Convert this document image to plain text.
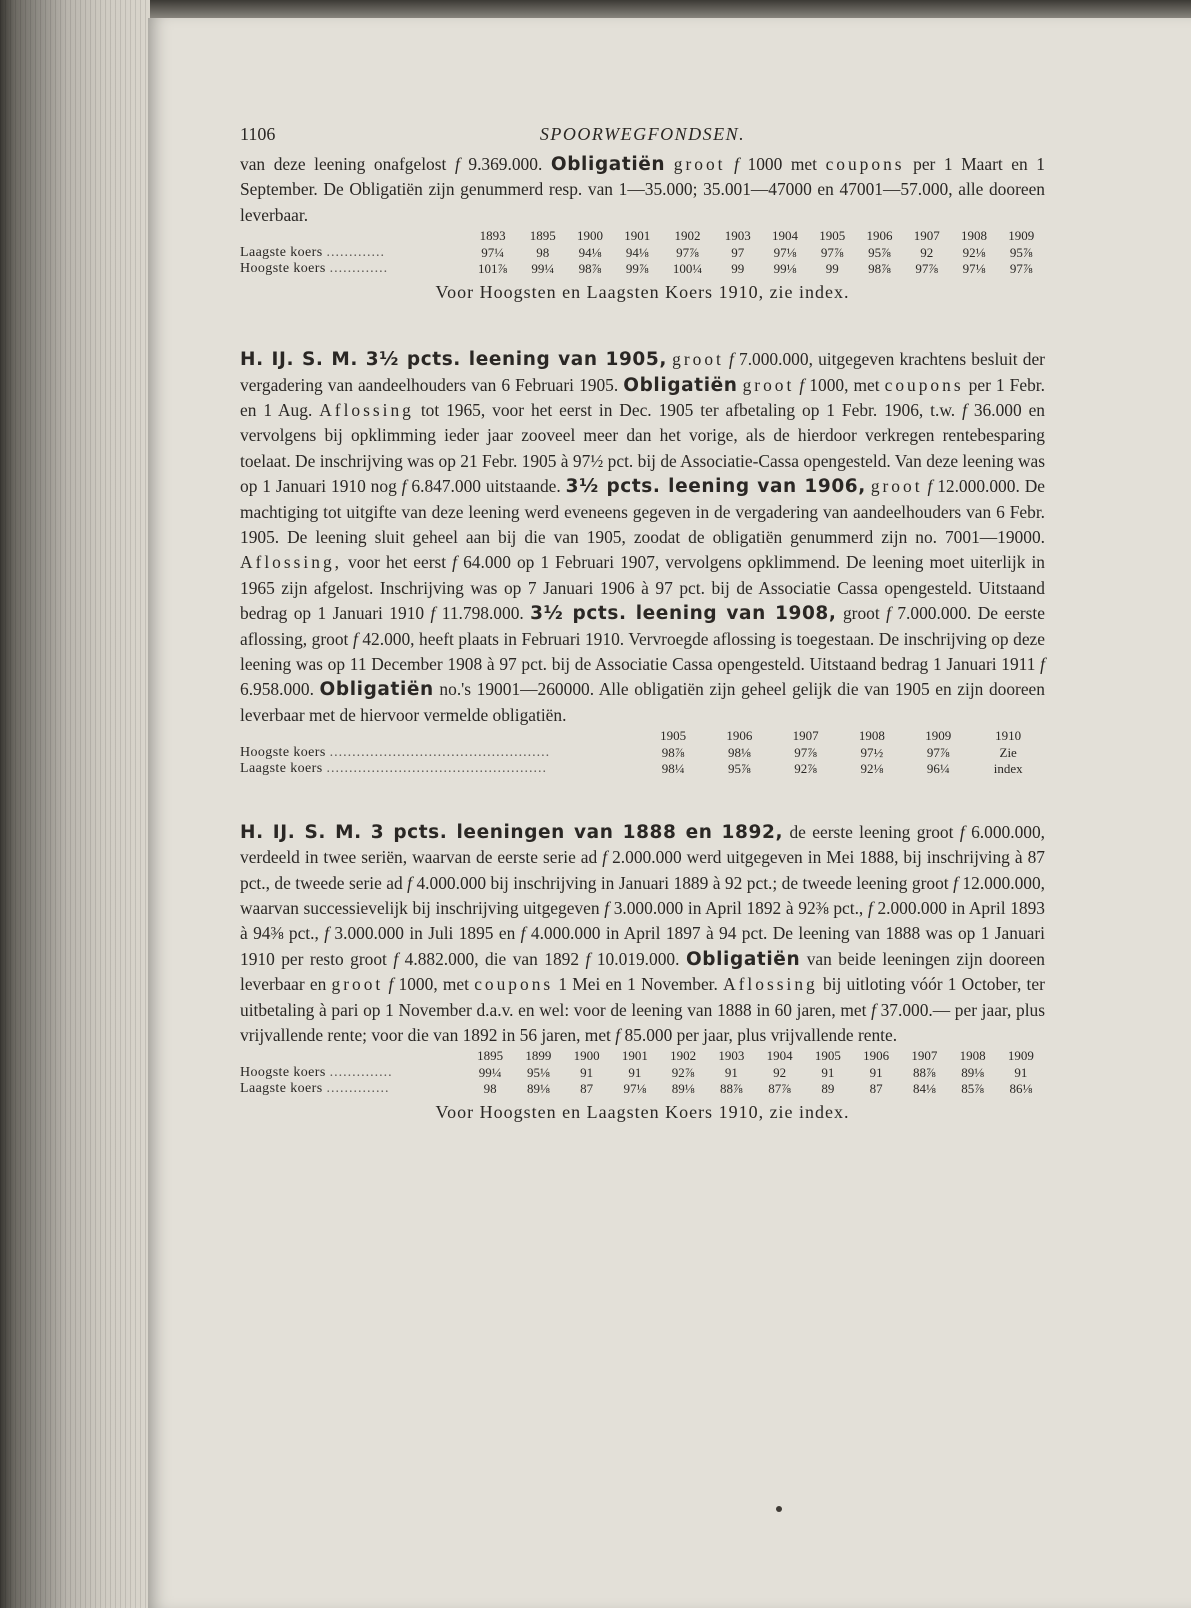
1106	SPOORWEGFONDSEN.

van deze leening onafgelost f 9.369.000. Obligatiën groot f 1000 met coupons per 1 Maart en 1 September. De Obligatiën zijn genummerd resp. van 1—35.000; 35.001—47000 en 47001—57.000, alle dooreen leverbaar.

	1893	1895	1900	1901	1902	1903	1904	1905	1906	1907	1908	1909
Laagste koers .............	97¼	98	94⅛	94⅛	97⅞	97	97⅛	97⅞	95⅞	92	92⅛	95⅞
Hoogste koers .............	101⅞	99¼	98⅞	99⅞	100¼	99	99⅛	99	98⅞	97⅞	97⅛	97⅞
Voor Hoogsten en Laagsten Koers 1910, zie index.

H. IJ. S. M. 3½ pcts. leening van 1905, groot f 7.000.000, uitgegeven krachtens besluit der vergadering van aandeelhouders van 6 Februari 1905. Obligatiën groot f 1000, met coupons per 1 Febr. en 1 Aug. Aflossing tot 1965, voor het eerst in Dec. 1905 ter afbetaling op 1 Febr. 1906, t.w. f 36.000 en vervolgens bij opklimming ieder jaar zooveel meer dan het vorige, als de hierdoor verkregen rentebesparing toelaat. De inschrijving was op 21 Febr. 1905 à 97½ pct. bij de Associatie-Cassa opengesteld. Van deze leening was op 1 Januari 1910 nog f 6.847.000 uitstaande. 3½ pcts. leening van 1906, groot f 12.000.000. De machtiging tot uitgifte van deze leening werd eveneens gegeven in de vergadering van aandeelhouders van 6 Febr. 1905. De leening sluit geheel aan bij die van 1905, zoodat de obligatiën genummerd zijn no. 7001—19000. Aflossing, voor het eerst f 64.000 op 1 Februari 1907, vervolgens opklimmend. De leening moet uiterlijk in 1965 zijn afgelost. Inschrijving was op 7 Januari 1906 à 97 pct. bij de Associatie Cassa opengesteld. Uitstaand bedrag op 1 Januari 1910 f 11.798.000. 3½ pcts. leening van 1908, groot f 7.000.000. De eerste aflossing, groot f 42.000, heeft plaats in Februari 1910. Vervroegde aflossing is toegestaan. De inschrijving op deze leening was op 11 December 1908 à 97 pct. bij de Associatie Cassa opengesteld. Uitstaand bedrag 1 Januari 1911 f 6.958.000. Obligatiën no.'s 19001—260000. Alle obligatiën zijn geheel gelijk die van 1905 en zijn dooreen leverbaar met de hiervoor vermelde obligatiën.

	1905	1906	1907	1908	1909	1910
Hoogste koers .................................................	98⅞	98⅛	97⅞	97½	97⅞	Zie
Laagste koers .................................................	98¼	95⅞	92⅞	92⅛	96¼	index

H. IJ. S. M. 3 pcts. leeningen van 1888 en 1892, de eerste leening groot f 6.000.000, verdeeld in twee seriën, waarvan de eerste serie ad f 2.000.000 werd uitgegeven in Mei 1888, bij inschrijving à 87 pct., de tweede serie ad f 4.000.000 bij inschrijving in Januari 1889 à 92 pct.; de tweede leening groot f 12.000.000, waarvan successievelijk bij inschrijving uitgegeven f 3.000.000 in April 1892 à 92⅜ pct., f 2.000.000 in April 1893 à 94⅜ pct., f 3.000.000 in Juli 1895 en f 4.000.000 in April 1897 à 94 pct. De leening van 1888 was op 1 Januari 1910 per resto groot f 4.882.000, die van 1892 f 10.019.000. Obligatiën van beide leeningen zijn dooreen leverbaar en groot f 1000, met coupons 1 Mei en 1 November. Aflossing bij uitloting vóór 1 October, ter uitbetaling à pari op 1 November d.a.v. en wel: voor de leening van 1888 in 60 jaren, met f 37.000.— per jaar, plus vrijvallende rente; voor die van 1892 in 56 jaren, met f 85.000 per jaar, plus vrijvallende rente.

	1895	1899	1900	1901	1902	1903	1904	1905	1906	1907	1908	1909
Hoogste koers ..............	99¼	95⅛	91	91	92⅞	91	92	91	91	88⅞	89⅛	91
Laagste koers ..............	98	89⅛	87	97⅛	89⅛	88⅞	87⅞	89	87	84⅛	85⅞	86⅛
Voor Hoogsten en Laagsten Koers 1910, zie index.
